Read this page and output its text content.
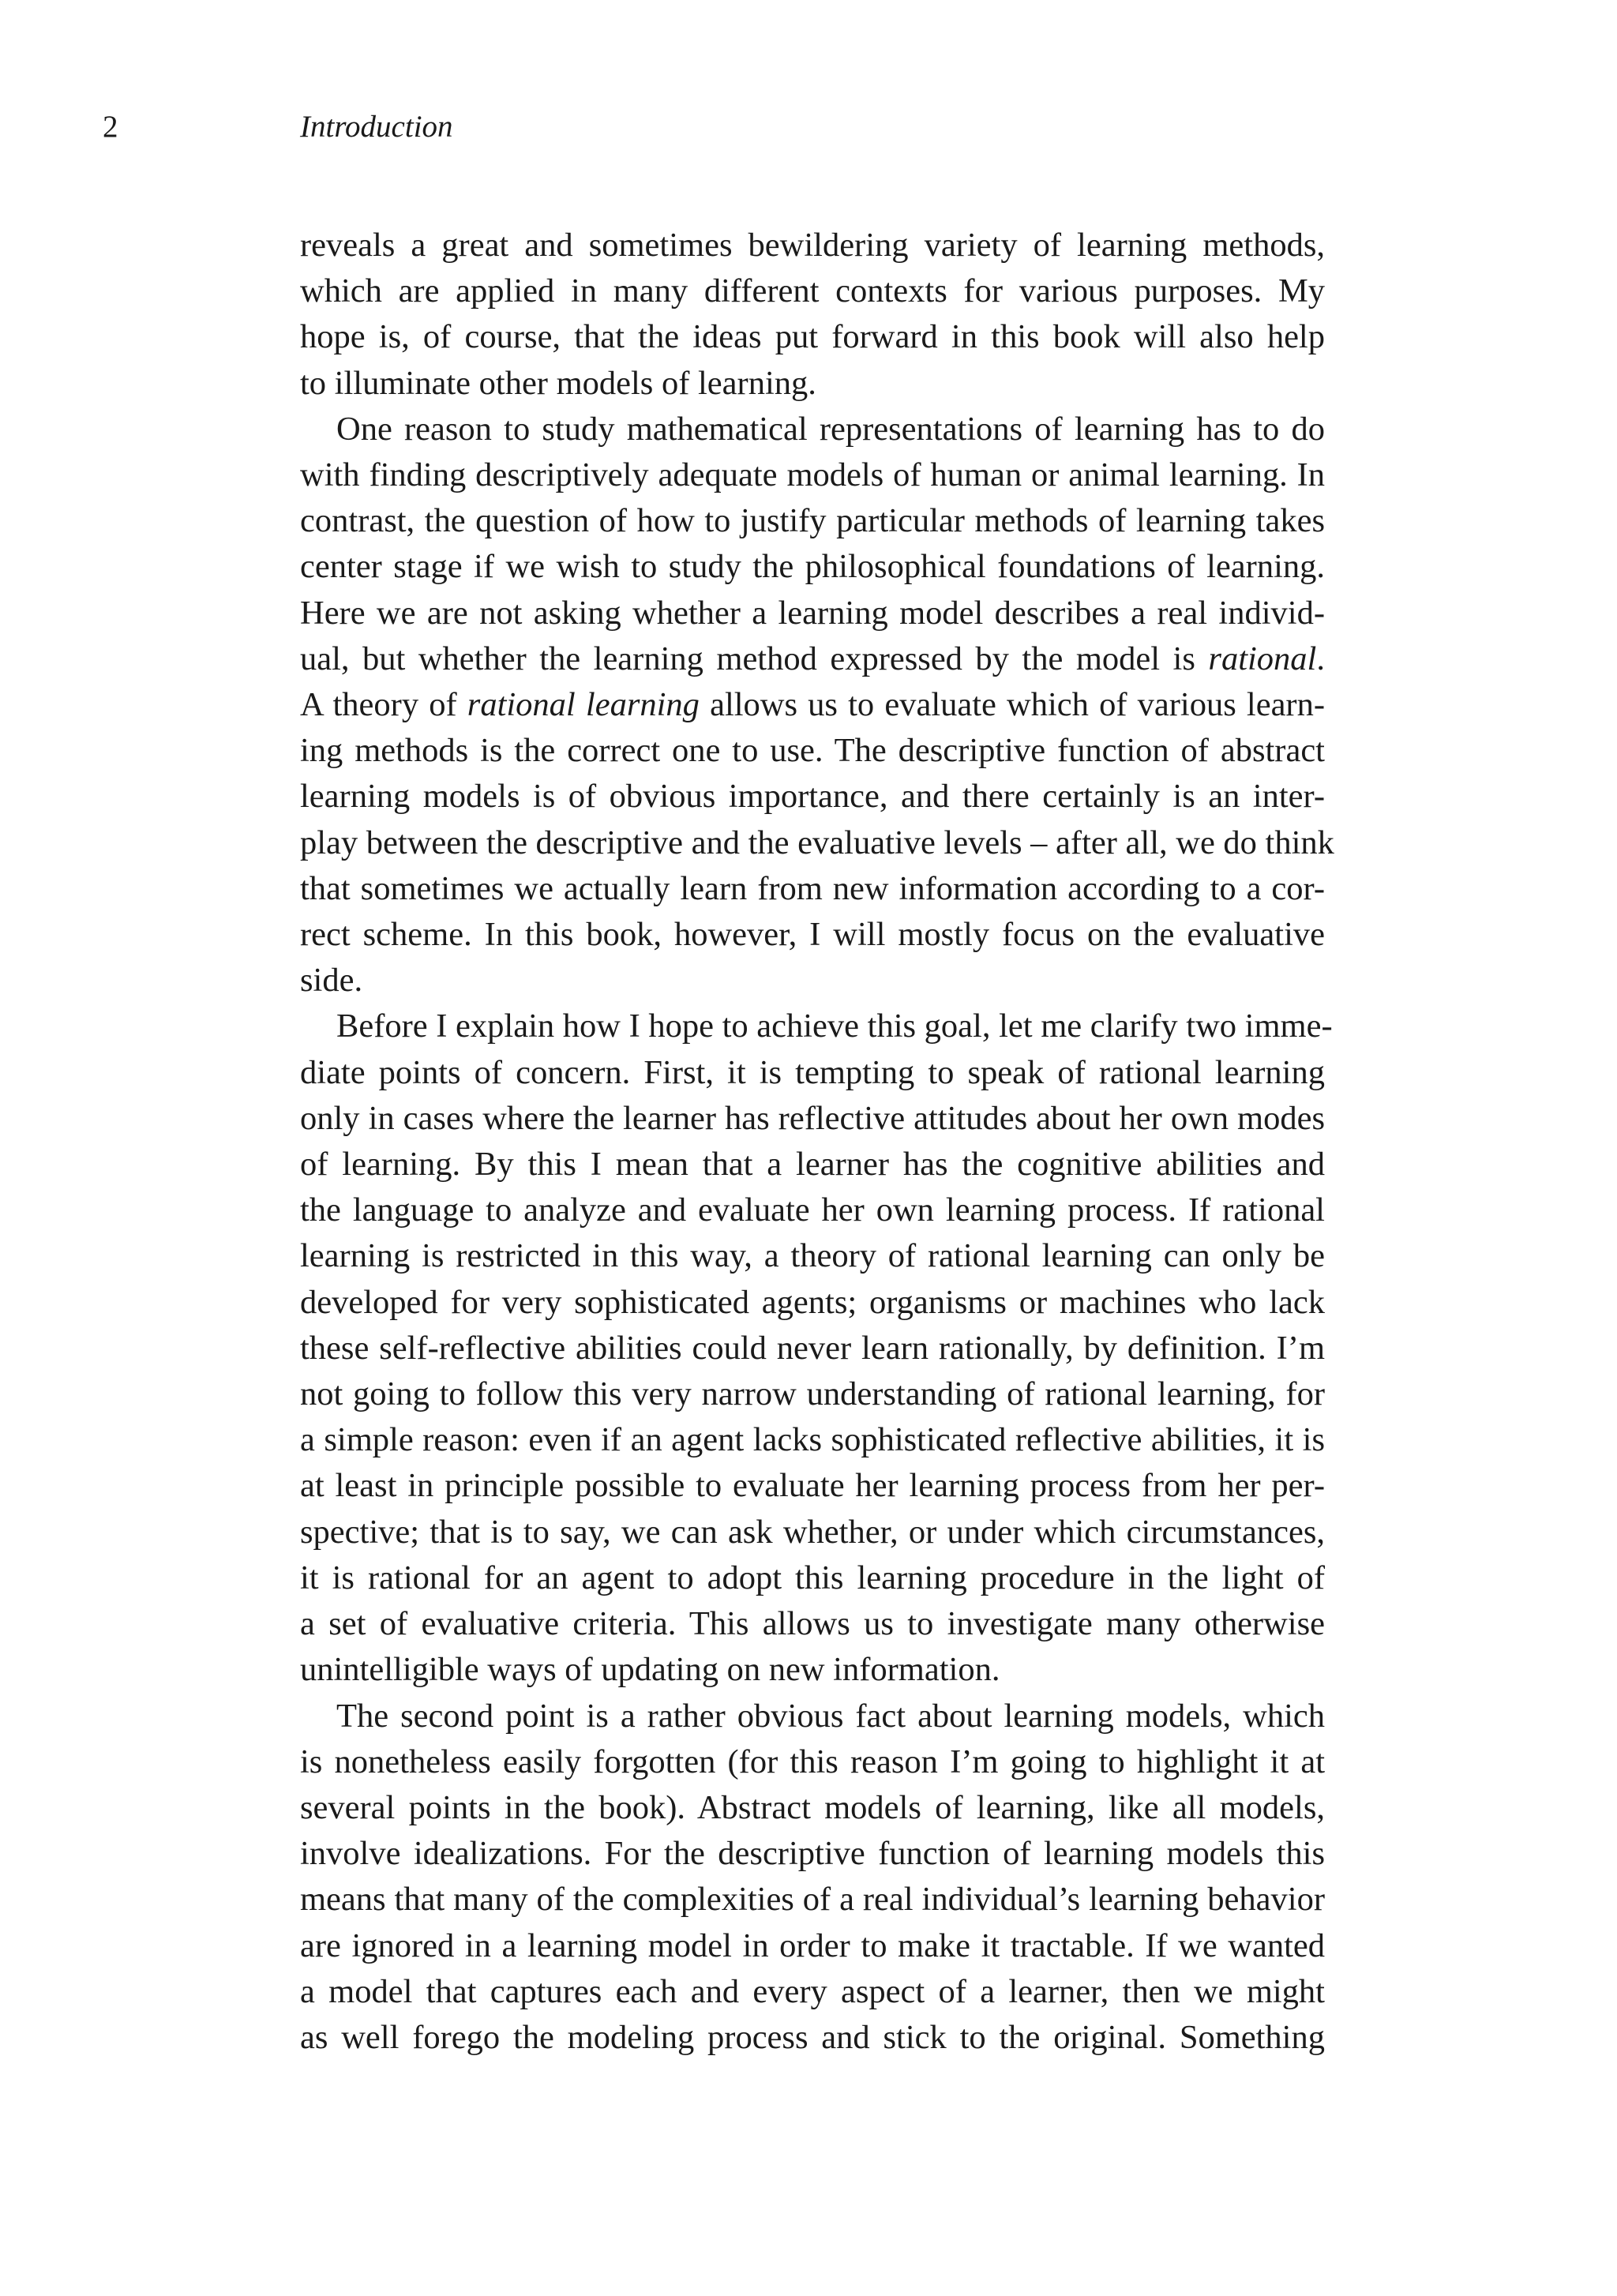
2	Introduction
reveals a great and sometimes bewildering variety of learning methods,
which are applied in many different contexts for various purposes. My
hope is, of course, that the ideas put forward in this book will also help
to illuminate other models of learning.
One reason to study mathematical representations of learning has to do
with finding descriptively adequate models of human or animal learning. In
contrast, the question of how to justify particular methods of learning takes
center stage if we wish to study the philosophical foundations of learning.
Here we are not asking whether a learning model describes a real individ-
ual, but whether the learning method expressed by the model is rational.
A theory of rational learning allows us to evaluate which of various learn-
ing methods is the correct one to use. The descriptive function of abstract
learning models is of obvious importance, and there certainly is an inter-
play between the descriptive and the evaluative levels – after all, we do think
that sometimes we actually learn from new information according to a cor-
rect scheme. In this book, however, I will mostly focus on the evaluative
side.
Before I explain how I hope to achieve this goal, let me clarify two imme-
diate points of concern. First, it is tempting to speak of rational learning
only in cases where the learner has reflective attitudes about her own modes
of learning. By this I mean that a learner has the cognitive abilities and
the language to analyze and evaluate her own learning process. If rational
learning is restricted in this way, a theory of rational learning can only be
developed for very sophisticated agents; organisms or machines who lack
these self-reflective abilities could never learn rationally, by definition. I’m
not going to follow this very narrow understanding of rational learning, for
a simple reason: even if an agent lacks sophisticated reflective abilities, it is
at least in principle possible to evaluate her learning process from her per-
spective; that is to say, we can ask whether, or under which circumstances,
it is rational for an agent to adopt this learning procedure in the light of
a set of evaluative criteria. This allows us to investigate many otherwise
unintelligible ways of updating on new information.
The second point is a rather obvious fact about learning models, which
is nonetheless easily forgotten (for this reason I’m going to highlight it at
several points in the book). Abstract models of learning, like all models,
involve idealizations. For the descriptive function of learning models this
means that many of the complexities of a real individual’s learning behavior
are ignored in a learning model in order to make it tractable. If we wanted
a model that captures each and every aspect of a learner, then we might
as well forego the modeling process and stick to the original. Something
